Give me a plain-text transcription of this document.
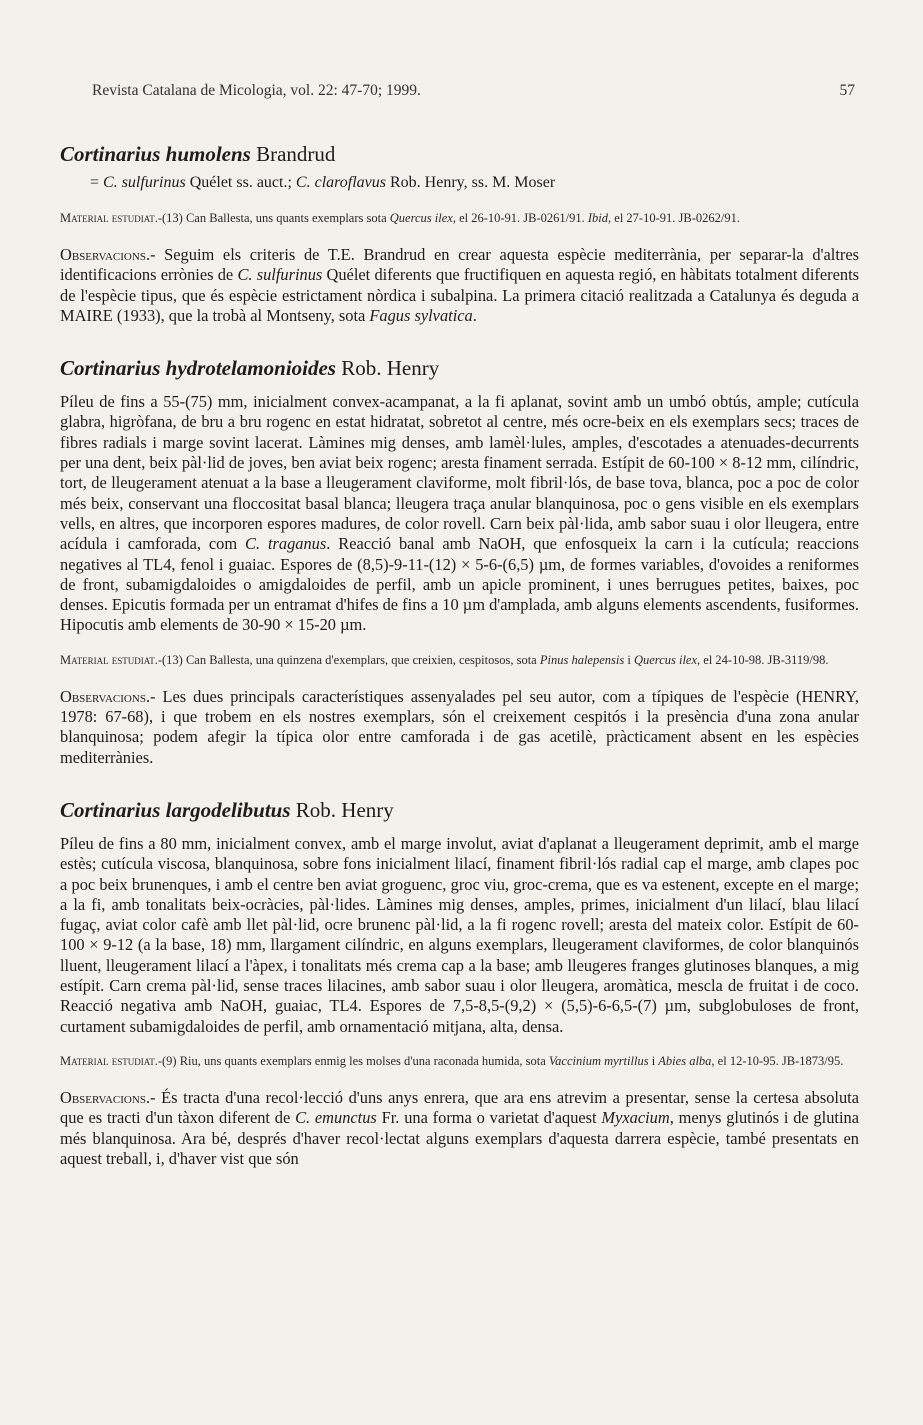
Revista Catalana de Micologia, vol. 22: 47-70; 1999.	57
Cortinarius humolens Brandrud

= C. sulfurinus Quélet ss. auct.; C. claroflavus Rob. Henry, ss. M. Moser

Material estudiat.-(13) Can Ballesta, uns quants exemplars sota Quercus ilex, el 26-10-91. JB-0261/91. Ibid, el 27-10-91. JB-0262/91.

Observacions.- Seguim els criteris de T.E. Brandrud en crear aquesta espècie mediterrània, per separar-la d'altres identificacions errònies de C. sulfurinus Quélet diferents que fructifiquen en aquesta regió, en hàbitats totalment diferents de l'espècie tipus, que és espècie estrictament nòrdica i subalpina. La primera citació realitzada a Catalunya és deguda a MAIRE (1933), que la trobà al Montseny, sota Fagus sylvatica.

Cortinarius hydrotelamonioides Rob. Henry

Píleu de fins a 55-(75) mm, inicialment convex-acampanat, a la fi aplanat, sovint amb un umbó obtús, ample; cutícula glabra, higròfana, de bru a bru rogenc en estat hidratat, sobretot al centre, més ocre-beix en els exemplars secs; traces de fibres radials i marge sovint lacerat. Làmines mig denses, amb lamèl·lules, amples, d'escotades a atenuades-decurrents per una dent, beix pàl·lid de joves, ben aviat beix rogenc; aresta finament serrada. Estípit de 60-100 × 8-12 mm, cilíndric, tort, de lleugerament atenuat a la base a lleugerament claviforme, molt fibril·lós, de base tova, blanca, poc a poc de color més beix, conservant una floccositat basal blanca; lleugera traça anular blanquinosa, poc o gens visible en els exemplars vells, en altres, que incorporen espores madures, de color rovell. Carn beix pàl·lida, amb sabor suau i olor lleugera, entre acídula i camforada, com C. traganus. Reacció banal amb NaOH, que enfosqueix la carn i la cutícula; reaccions negatives al TL4, fenol i guaiac. Espores de (8,5)-9-11-(12) × 5-6-(6,5) µm, de formes variables, d'ovoides a reniformes de front, subamigdaloides o amigdaloides de perfil, amb un apicle prominent, i unes berrugues petites, baixes, poc denses. Epicutis formada per un entramat d'hifes de fins a 10 µm d'amplada, amb alguns elements ascendents, fusiformes. Hipocutis amb elements de 30-90 × 15-20 µm.

Material estudiat.-(13) Can Ballesta, una quinzena d'exemplars, que creixien, cespitosos, sota Pinus halepensis i Quercus ilex, el 24-10-98. JB-3119/98.

Observacions.- Les dues principals característiques assenyalades pel seu autor, com a típiques de l'espècie (HENRY, 1978: 67-68), i que trobem en els nostres exemplars, són el creixement cespitós i la presència d'una zona anular blanquinosa; podem afegir la típica olor entre camforada i de gas acetilè, pràcticament absent en les espècies mediterrànies.

Cortinarius largodelibutus Rob. Henry

Píleu de fins a 80 mm, inicialment convex, amb el marge involut, aviat d'aplanat a lleugerament deprimit, amb el marge estès; cutícula viscosa, blanquinosa, sobre fons inicialment lilací, finament fibril·lós radial cap el marge, amb clapes poc a poc beix brunenques, i amb el centre ben aviat groguenc, groc viu, groc-crema, que es va estenent, excepte en el marge; a la fi, amb tonalitats beix-ocràcies, pàl·lides. Làmines mig denses, amples, primes, inicialment d'un lilací, blau lilací fugaç, aviat color cafè amb llet pàl·lid, ocre brunenc pàl·lid, a la fi rogenc rovell; aresta del mateix color. Estípit de 60-100 × 9-12 (a la base, 18) mm, llargament cilíndric, en alguns exemplars, lleugerament claviformes, de color blanquinós lluent, lleugerament lilací a l'àpex, i tonalitats més crema cap a la base; amb lleugeres franges glutinoses blanques, a mig estípit. Carn crema pàl·lid, sense traces lilacines, amb sabor suau i olor lleugera, aromàtica, mescla de fruitat i de coco. Reacció negativa amb NaOH, guaiac, TL4. Espores de 7,5-8,5-(9,2) × (5,5)-6-6,5-(7) µm, subglobuloses de front, curtament subamigdaloides de perfil, amb ornamentació mitjana, alta, densa.

Material estudiat.-(9) Riu, uns quants exemplars enmig les molses d'una raconada humida, sota Vaccinium myrtillus i Abies alba, el 12-10-95. JB-1873/95.

Observacions.- És tracta d'una recol·lecció d'uns anys enrera, que ara ens atrevim a presentar, sense la certesa absoluta que es tracti d'un tàxon diferent de C. emunctus Fr. una forma o varietat d'aquest Myxacium, menys glutinós i de glutina més blanquinosa. Ara bé, després d'haver recol·lectat alguns exemplars d'aquesta darrera espècie, també presentats en aquest treball, i, d'haver vist que són
